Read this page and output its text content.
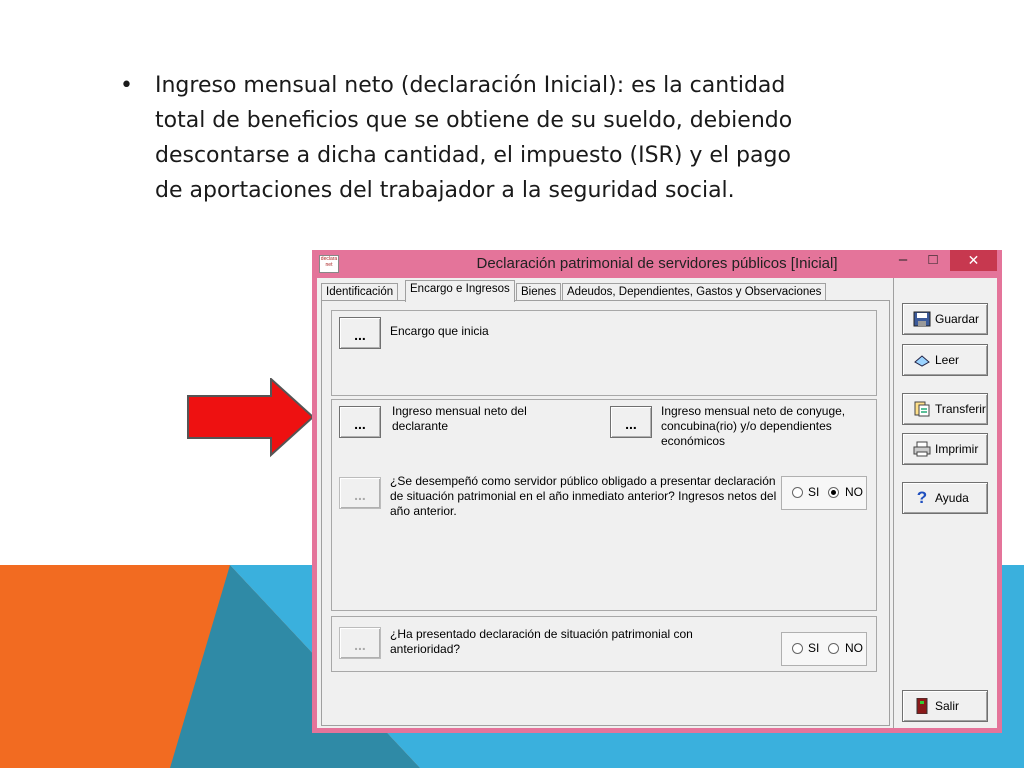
• Ingreso mensual neto (declaración Inicial): es la cantidad total de beneficios que se obtiene de su sueldo, debiendo descontarse a dicha cantidad, el impuesto (ISR) y el pago de aportaciones del trabajador a la seguridad social.
declara net	Declaración patrimonial de servidores públicos [Inicial]	–	□	✕
Identificación	Encargo e Ingresos Bienes Adeudos, Dependientes, Gastos y Observaciones
...	Encargo que inicia
...
Ingreso mensual neto del declarante	...
Ingreso mensual neto de conyuge, concubina(rio) y/o dependientes económicos
...
¿Se desempeñó como servidor público obligado a presentar declaración de situación patrimonial en el año inmediato anterior? Ingresos netos del año anterior.
SI NO
...
¿Ha presentado declaración de situación patrimonial con anterioridad?	SI NO
Guardar
Leer
Transferir
Imprimir
? Ayuda
Salir
